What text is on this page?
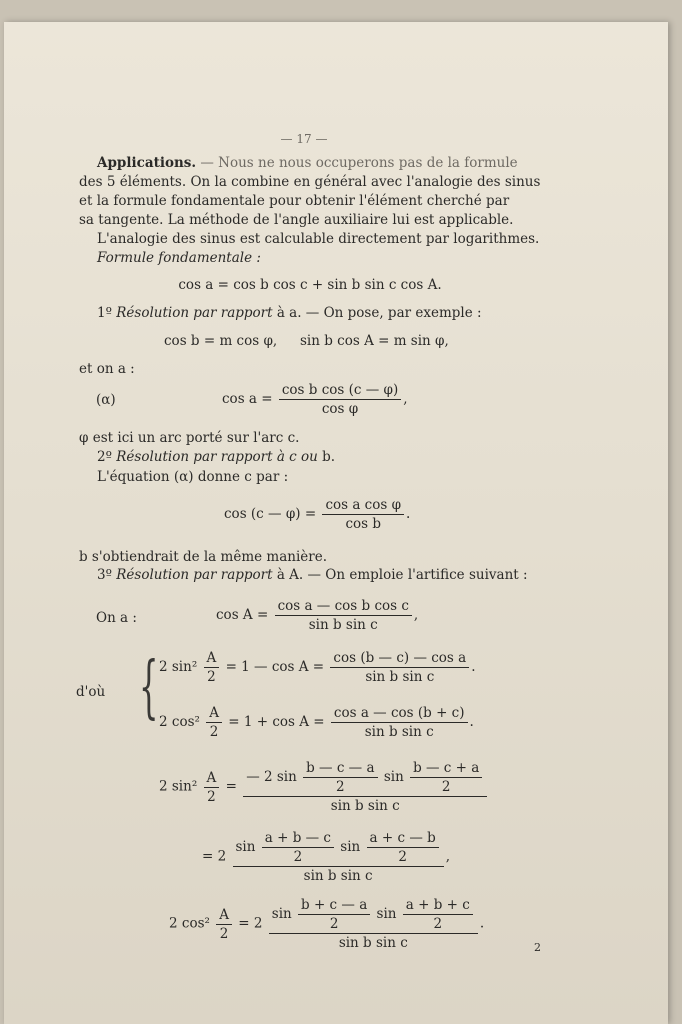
— 17 —
Applications. — Nous ne nous occuperons pas de la formule
des 5 éléments. On la combine en général avec l'analogie des sinus
et la formule fondamentale pour obtenir l'élément cherché par
sa tangente. La méthode de l'angle auxiliaire lui est applicable.
L'analogie des sinus est calculable directement par logarithmes.
Formule fondamentale :
cos a = cos b cos c + sin b sin c cos A.
1º Résolution par rapport à a. — On pose, par exemple :
cos b = m cos φ, sin b cos A = m sin φ,
et on a :
(α)	$\cos a = \frac{\text{cos b cos (c — φ)}}{\text{cos φ}}$ ,
φ est ici un arc porté sur l'arc c.
2º Résolution par rapport à c ou b.
L'équation (α) donne c par :
cos (c — $\varphi) = \frac{\text{cos a cos φ}}{\text{cos b}}$ .
b s'obtiendrait de la même manière.
3º Résolution par rapport à A. — On emploie l'artifice suivant :
On a :	$\cos A = \frac{\text{cos a — cos b cos c}}{\text{sin b sin c}}$ ,
d'où { 2 $\sin^2 \frac{A}{2} = 1$ — $\cos A = \frac{\text{cos (b — c) — cos a}}{\text{sin b sin c}}$ .
2 $\cos^2 \frac{A}{2} = 1 + \cos A = \frac{\text{cos a — cos (b + c)}}{\text{sin b sin c}}$ .
2 $\sin^2 \frac{A}{2}$ =
— 2 $\sin \frac{b — c — a}{2}$ $\sin \frac{b — c + a}{2}$
sin b sin c
= 2
$\sin \frac{a + b — c}{2}$ $\sin \frac{a + c — b}{2}$
sin b sin c
,
2 $\cos^2 \frac{A}{2} = 2$
$\sin \frac{b + c — a}{2}$ $\sin \frac{a + b + c}{2}$
sin b sin c
.
2
